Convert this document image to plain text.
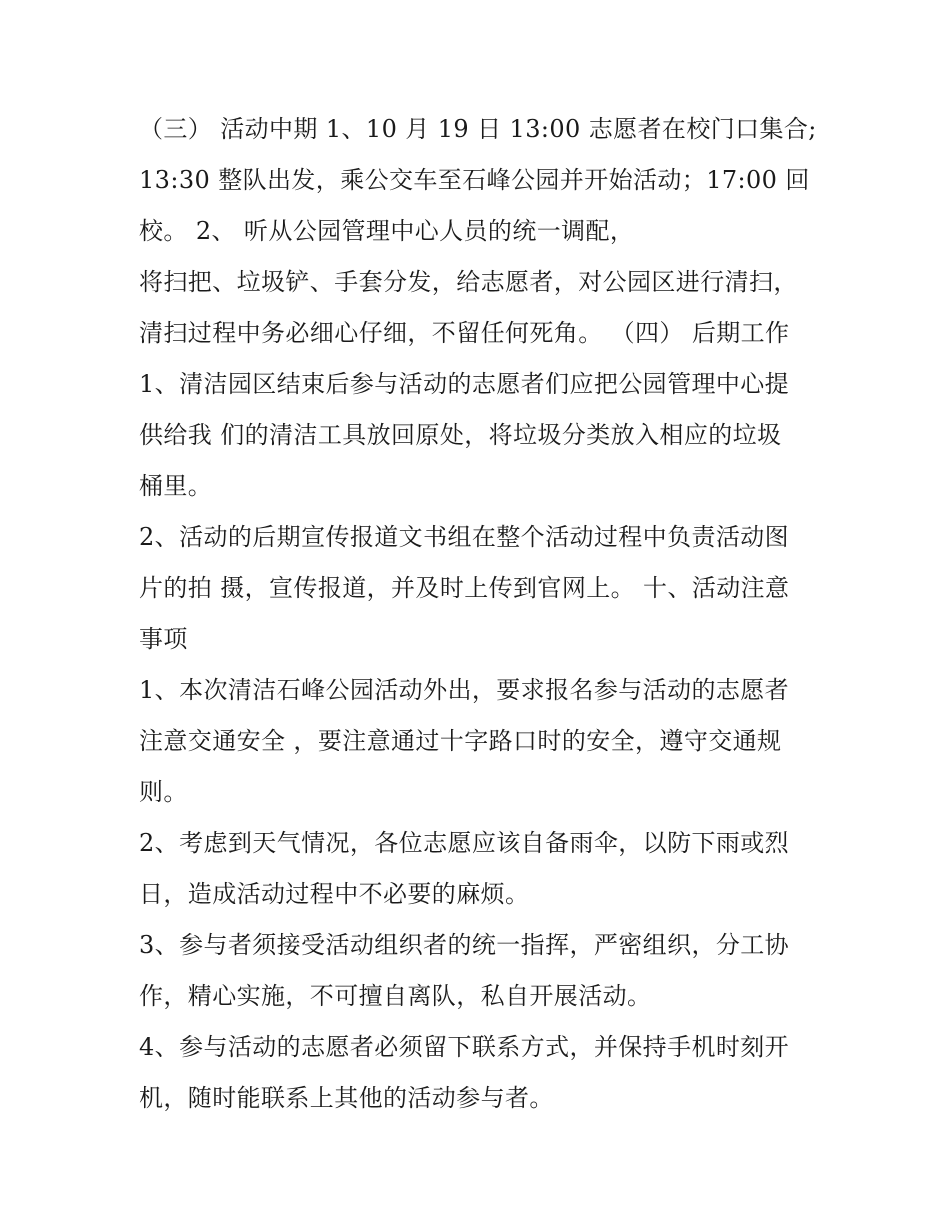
（三） 活动中期 1、10 月 19 日 13:00 志愿者在校门口集合;
13:30 整队出发，乘公交车至石峰公园并开始活动；17:00 回
校。 2、 听从公园管理中心人员的统一调配，
将扫把、垃圾铲、手套分发，给志愿者，对公园区进行清扫，
清扫过程中务必细心仔细，不留任何死角。 （四） 后期工作
1、清洁园区结束后参与活动的志愿者们应把公园管理中心提
供给我 们的清洁工具放回原处，将垃圾分类放入相应的垃圾
桶里。
2、活动的后期宣传报道文书组在整个活动过程中负责活动图
片的拍 摄，宣传报道，并及时上传到官网上。 十、活动注意
事项
1、本次清洁石峰公园活动外出，要求报名参与活动的志愿者
注意交通安全 ，要注意通过十字路口时的安全，遵守交通规
则。
2、考虑到天气情况，各位志愿应该自备雨伞，以防下雨或烈
日，造成活动过程中不必要的麻烦。
3、参与者须接受活动组织者的统一指挥，严密组织，分工协
作，精心实施，不可擅自离队，私自开展活动。
4、参与活动的志愿者必须留下联系方式，并保持手机时刻开
机，随时能联系上其他的活动参与者。
